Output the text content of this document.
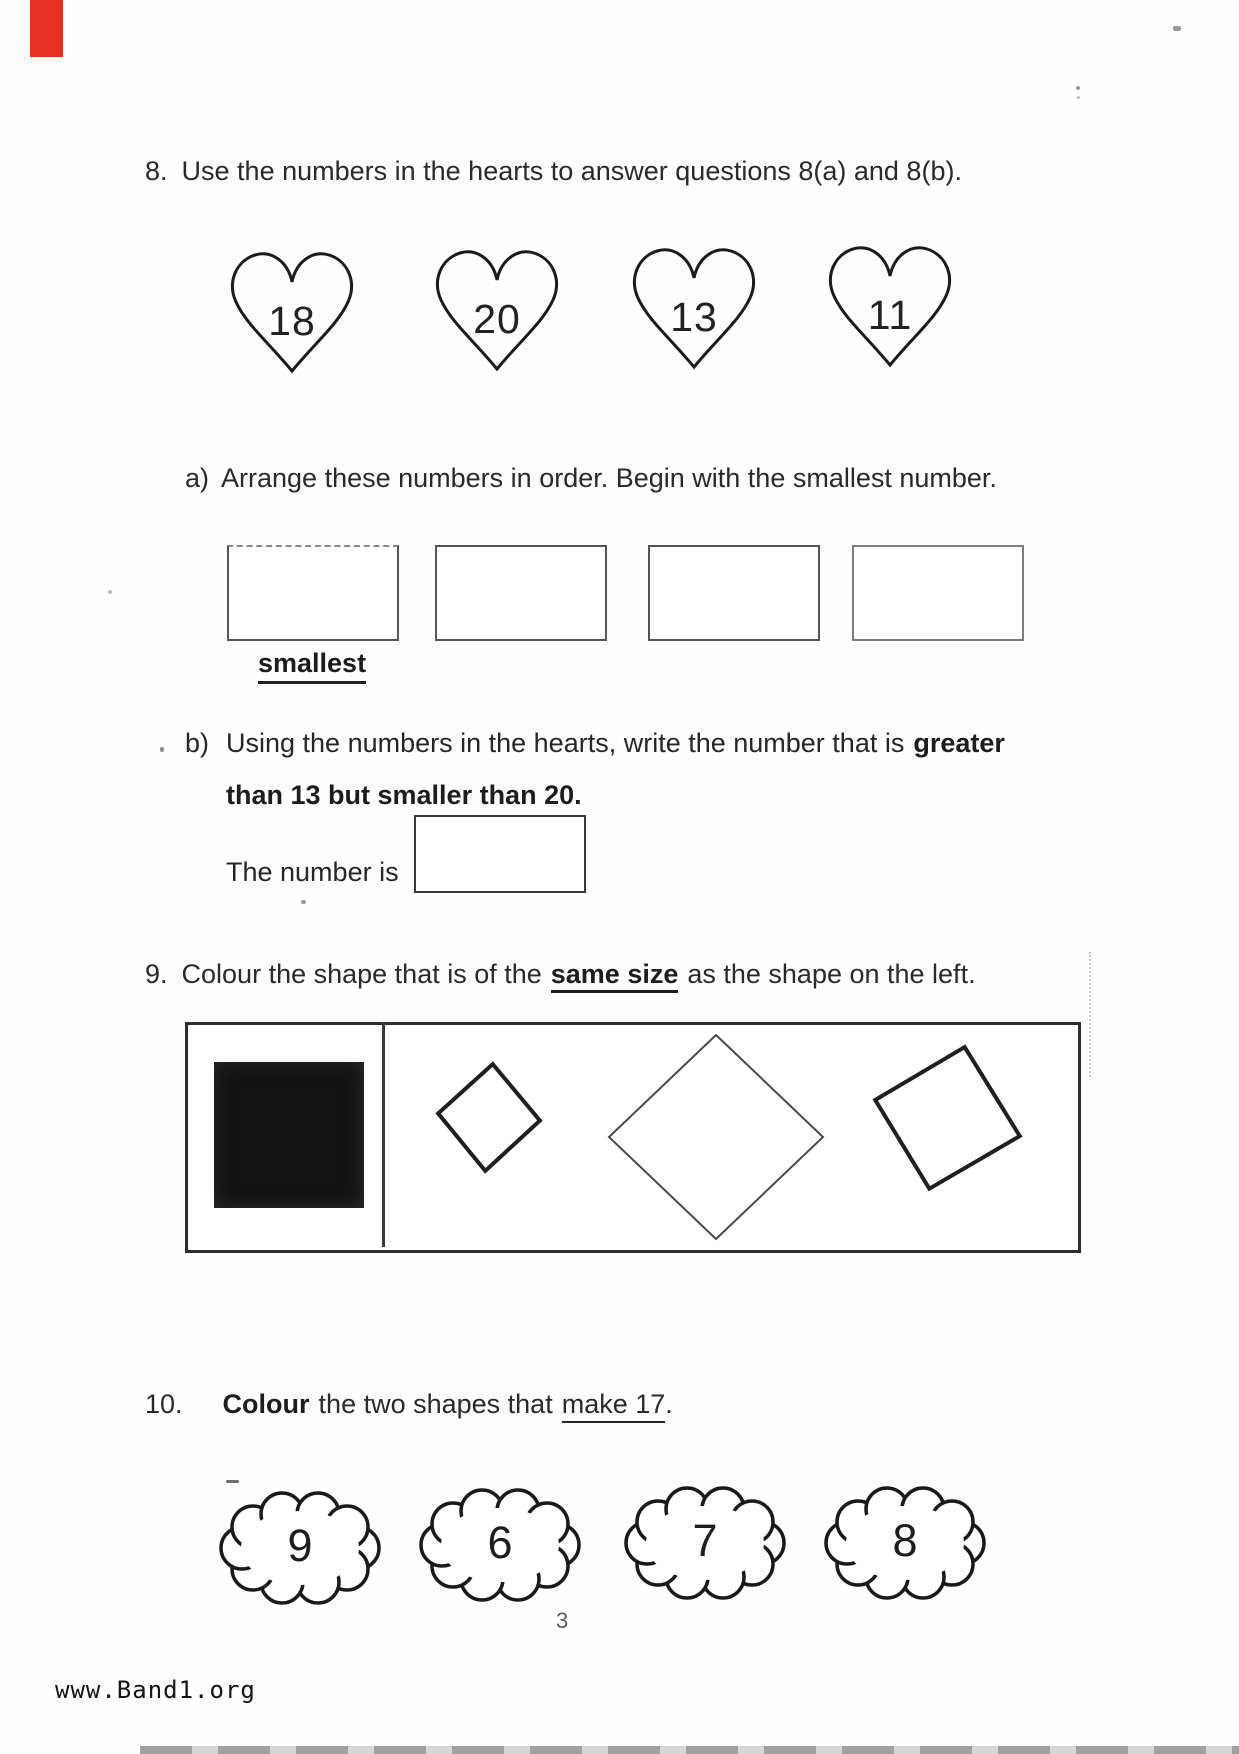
8. Use the numbers in the hearts to answer questions 8(a) and 8(b).
18	20	13	11
a) Arrange these numbers in order. Begin with the smallest number.
smallest
b) Using the numbers in the hearts, write the number that is greater
than 13 but smaller than 20.
The number is
9. Colour the shape that is of the same size as the shape on the left.
10. Colour the two shapes that make 17.
9	6	7	8
3
www.Band1.org
